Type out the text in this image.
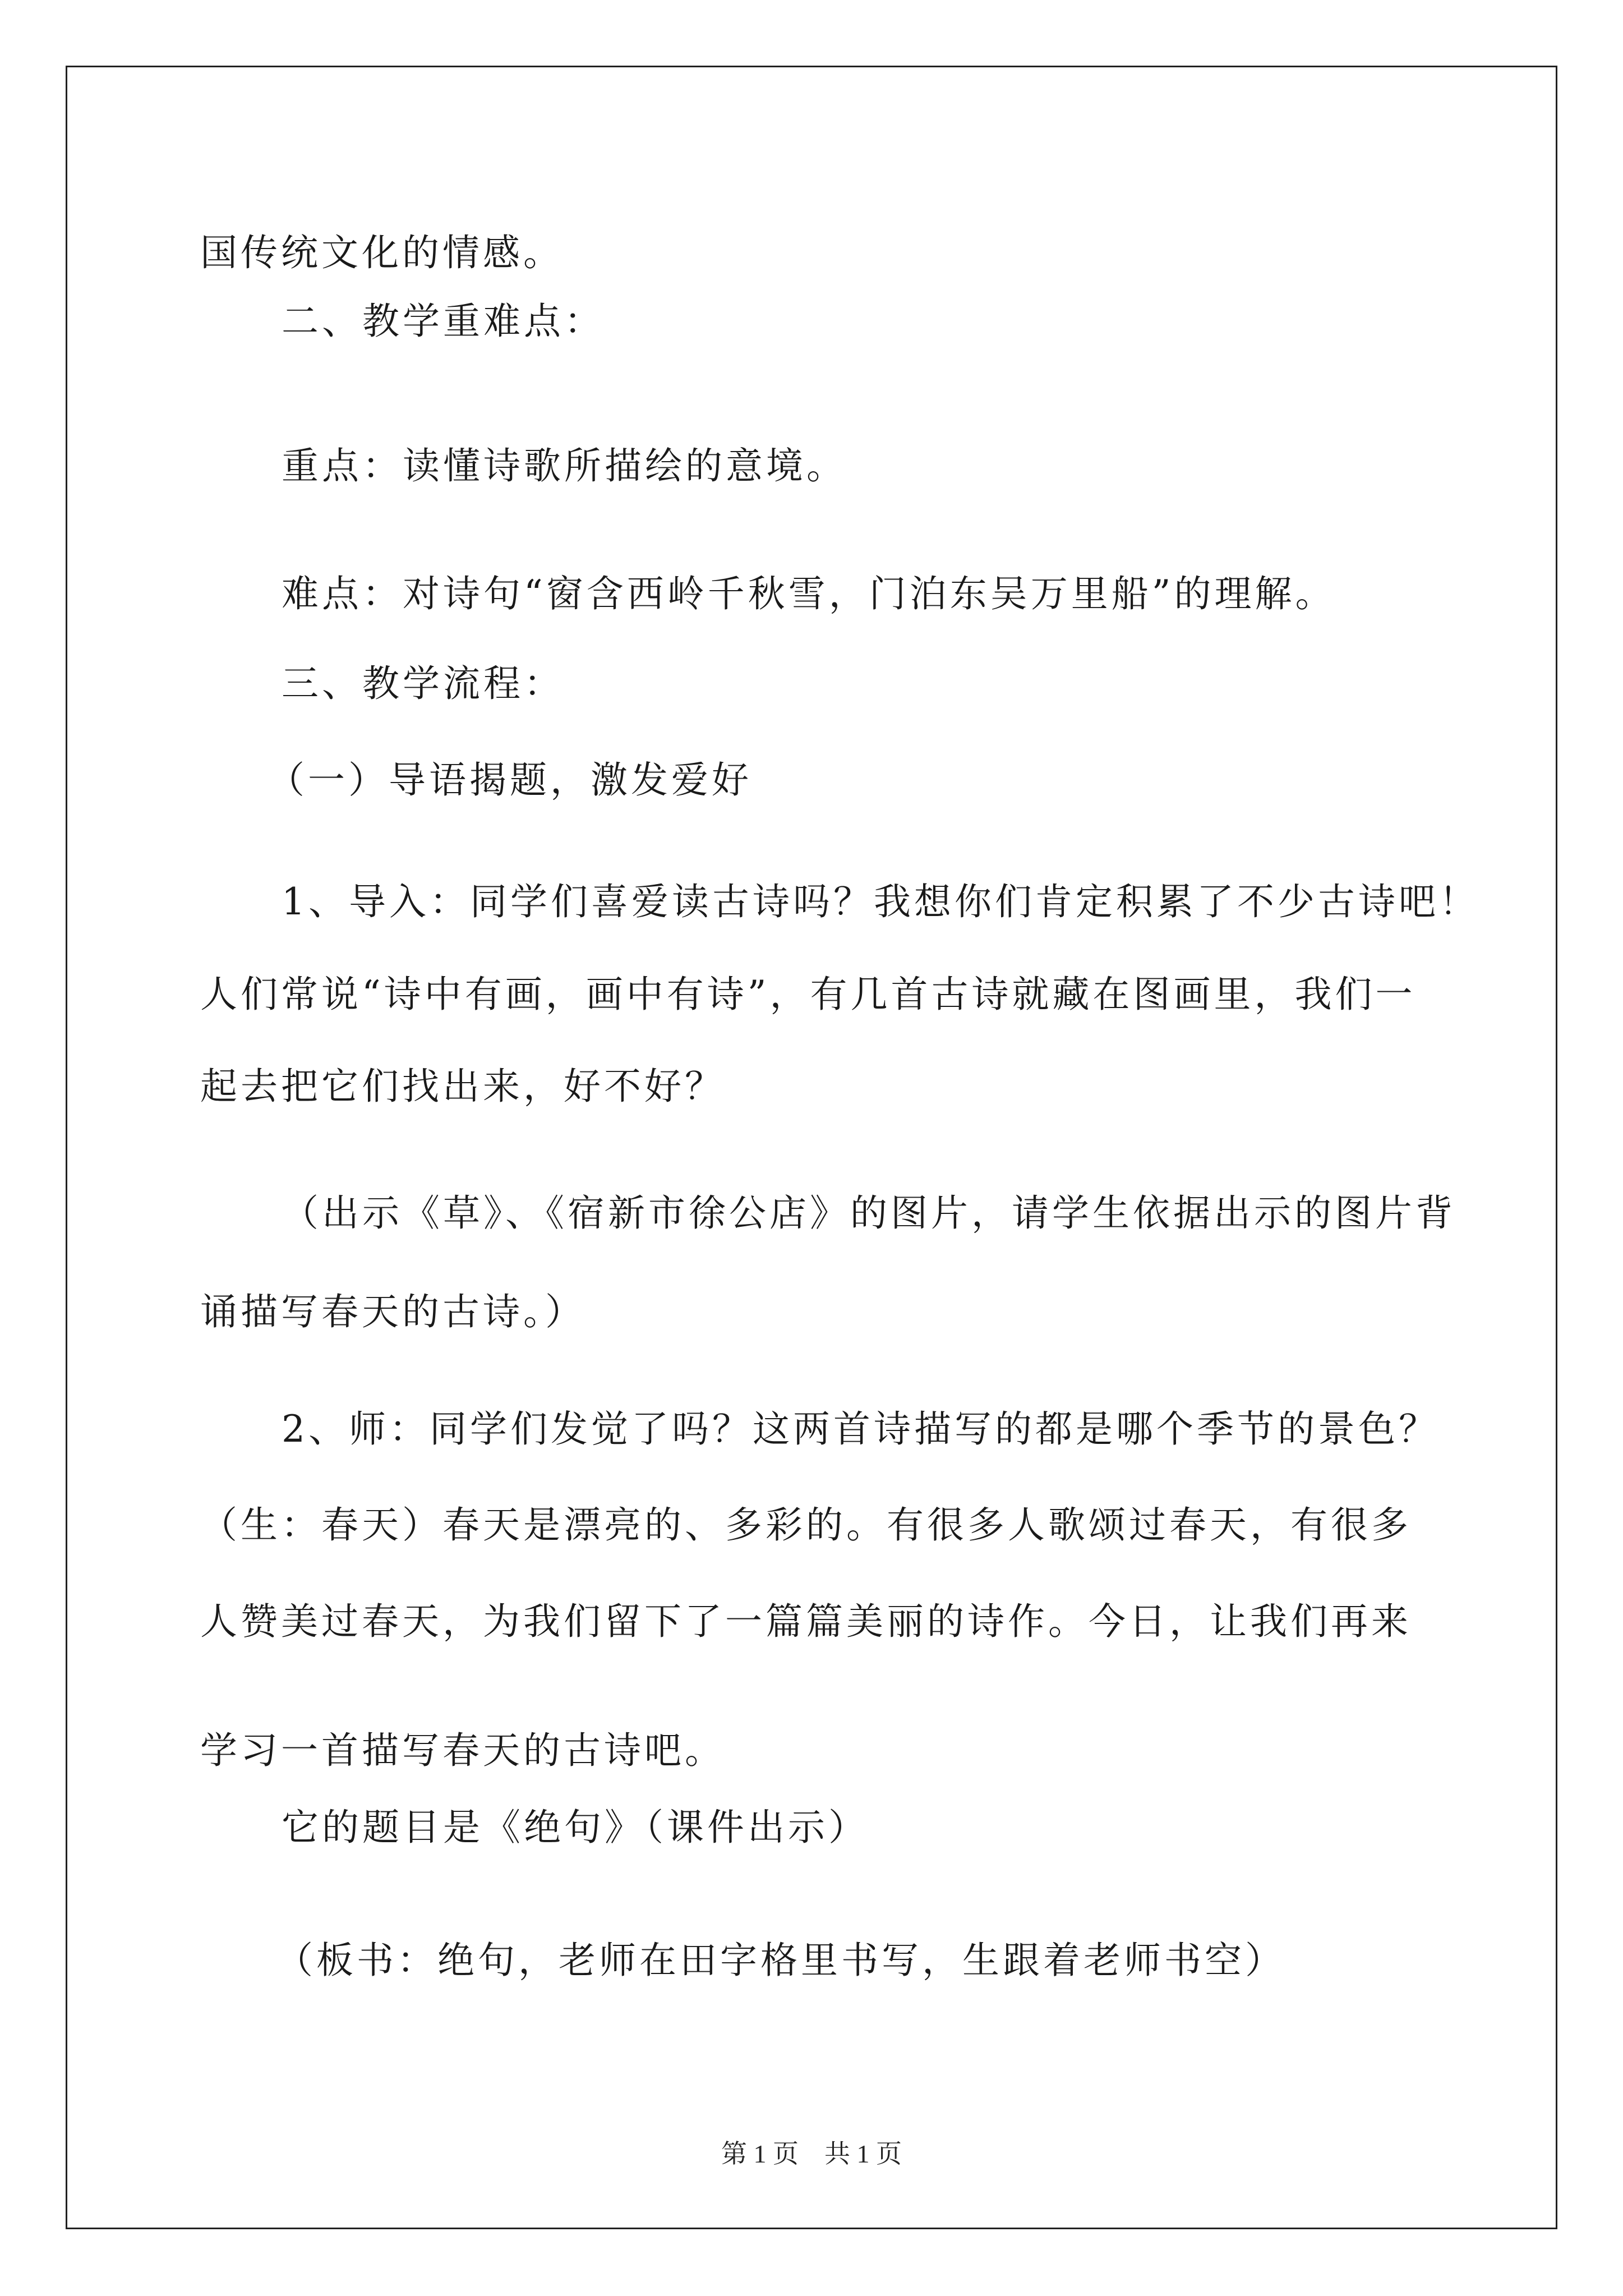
国传统文化的情感。
二、教学重难点：
重点：读懂诗歌所描绘的意境。
难点：对诗句“窗含西岭千秋雪，门泊东吴万里船”的理解。
三、教学流程：
（一）导语揭题，激发爱好
1、导入：同学们喜爱读古诗吗？我想你们肯定积累了不少古诗吧！
人们常说“诗中有画，画中有诗”，有几首古诗就藏在图画里，我们一
起去把它们找出来，好不好？
（出示《草》、《宿新市徐公店》的图片，请学生依据出示的图片背
诵描写春天的古诗。）
2、师：同学们发觉了吗？这两首诗描写的都是哪个季节的景色？
（生：春天）春天是漂亮的、多彩的。有很多人歌颂过春天，有很多
人赞美过春天，为我们留下了一篇篇美丽的诗作。今日，让我们再来
学习一首描写春天的古诗吧。
它的题目是《绝句》（课件出示）
（板书：绝句，老师在田字格里书写，生跟着老师书空）
第 1 页　共 1 页
